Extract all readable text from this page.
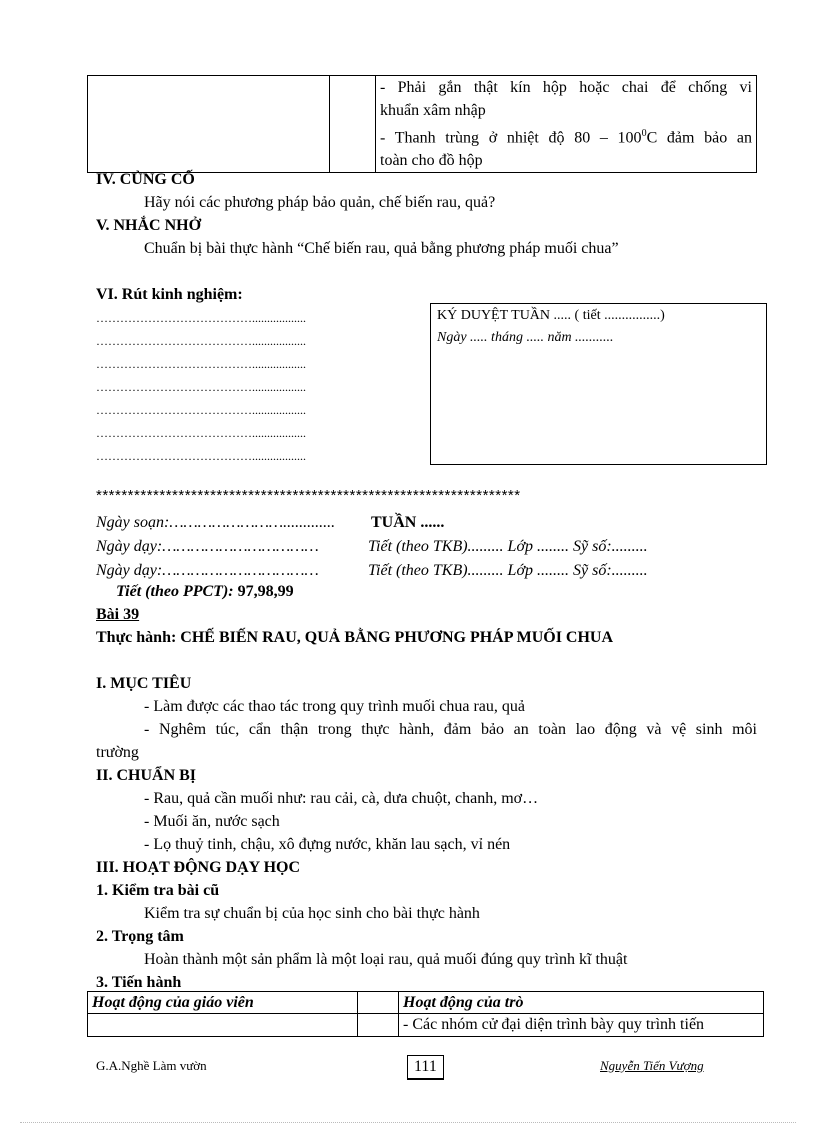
- Phải gắn thật kín hộp hoặc chai để chống vi
khuẩn xâm nhập
- Thanh trùng ở nhiệt độ $80 - 100^0C$ đảm bảo an
toàn cho đồ hộp
IV. CỦNG CỐ
Hãy nói các phương pháp bảo quản, chế biến rau, quả?
V. NHẮC NHỞ
Chuẩn bị bài thực hành “Chế biến rau, quả bằng phương pháp muối chua”
VI. Rút kinh nghiệm:
…………………………………..................
…………………………………..................
…………………………………..................
…………………………………..................
…………………………………..................
…………………………………..................
…………………………………..................
KÝ DUYỆT TUẦN ..... ( tiết ................)
Ngày ..... tháng ..... năm ...........
*******************************************************************
Ngày soạn:……………………............. TUẦN ......
Ngày dạy:……………………………	Tiết (theo TKB)......... Lớp ........ Sỹ số:.........
Ngày dạy:……………………………	Tiết (theo TKB)......... Lớp ........ Sỹ số:.........
Tiết (theo PPCT): 97,98,99
Bài 39
Thực hành: CHẾ BIẾN RAU, QUẢ BẰNG PHƯƠNG PHÁP MUỐI CHUA
I. MỤC TIÊU
- Làm được các thao tác trong quy trình muối chua rau, quả
- Nghêm túc, cẩn thận trong thực hành, đảm bảo an toàn lao động và vệ sinh môi
trường
II. CHUẨN BỊ
- Rau, quả cần muối như: rau cải, cà, dưa chuột, chanh, mơ…
- Muối ăn, nước sạch
- Lọ thuỷ tinh, chậu, xô đựng nước, khăn lau sạch, vỉ nén
III. HOẠT ĐỘNG DẠY HỌC
1. Kiểm tra bài cũ
Kiểm tra sự chuẩn bị của học sinh cho bài thực hành
2. Trọng tâm
Hoàn thành một sản phẩm là một loại rau, quả muối đúng quy trình kĩ thuật
3. Tiến hành
Hoạt động của giáo viên		Hoạt động của trò
		- Các nhóm cử đại diện trình bày quy trình tiến
G.A.Nghề Làm vườn	111	Nguyễn Tiến Vượng
